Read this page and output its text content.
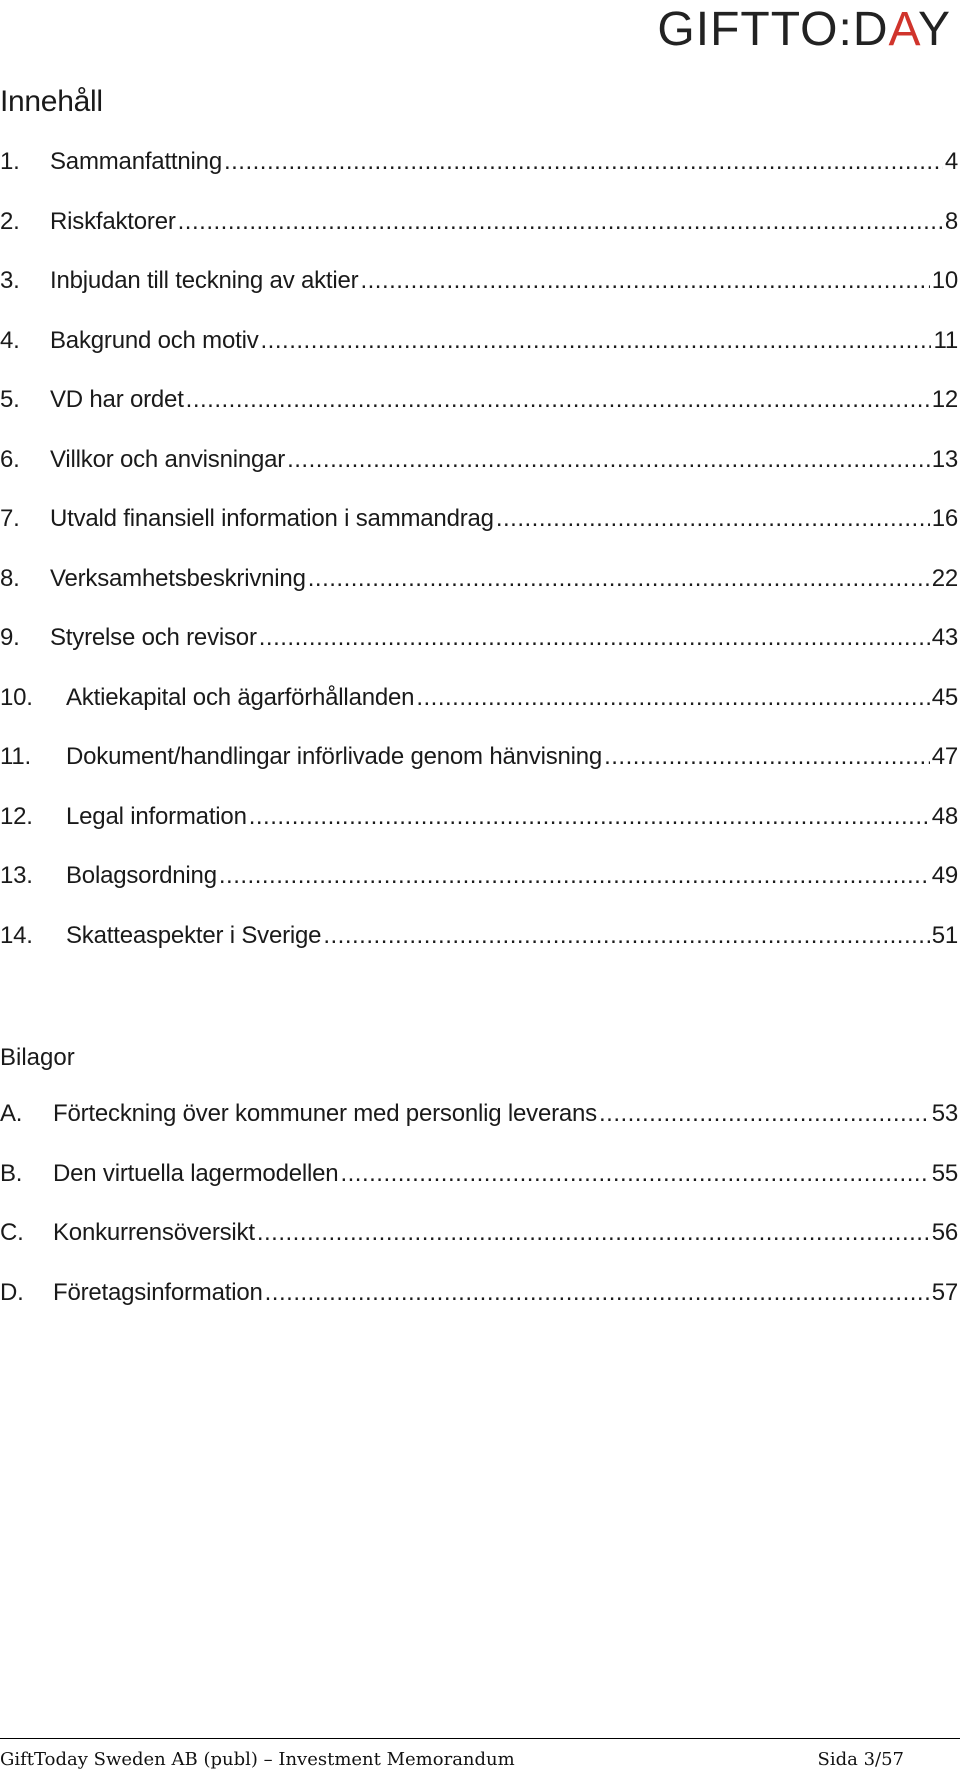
GIFTTO:DAY
Innehåll
1.	Sammanfattning .....	4
2.	Riskfaktorer .....	8
3.	Inbjudan till teckning av aktier .....	10
4.	Bakgrund och motiv .....	11
5.	VD har ordet .....	12
6.	Villkor och anvisningar .....	13
7.	Utvald finansiell information i sammandrag .....	16
8.	Verksamhetsbeskrivning .....	22
9.	Styrelse och revisor .....	43
10.	Aktiekapital och ägarförhållanden .....	45
11.	Dokument/handlingar införlivade genom hänvisning .....	47
12.	Legal information .....	48
13.	Bolagsordning .....	49
14.	Skatteaspekter i Sverige .....	51
Bilagor
A.	Förteckning över kommuner med personlig leverans .....	53
B.	Den virtuella lagermodellen .....	55
C.	Konkurrensöversikt .....	56
D.	Företagsinformation .....	57
GiftToday Sweden AB (publ) – Investment Memorandum	Sida 3/57
